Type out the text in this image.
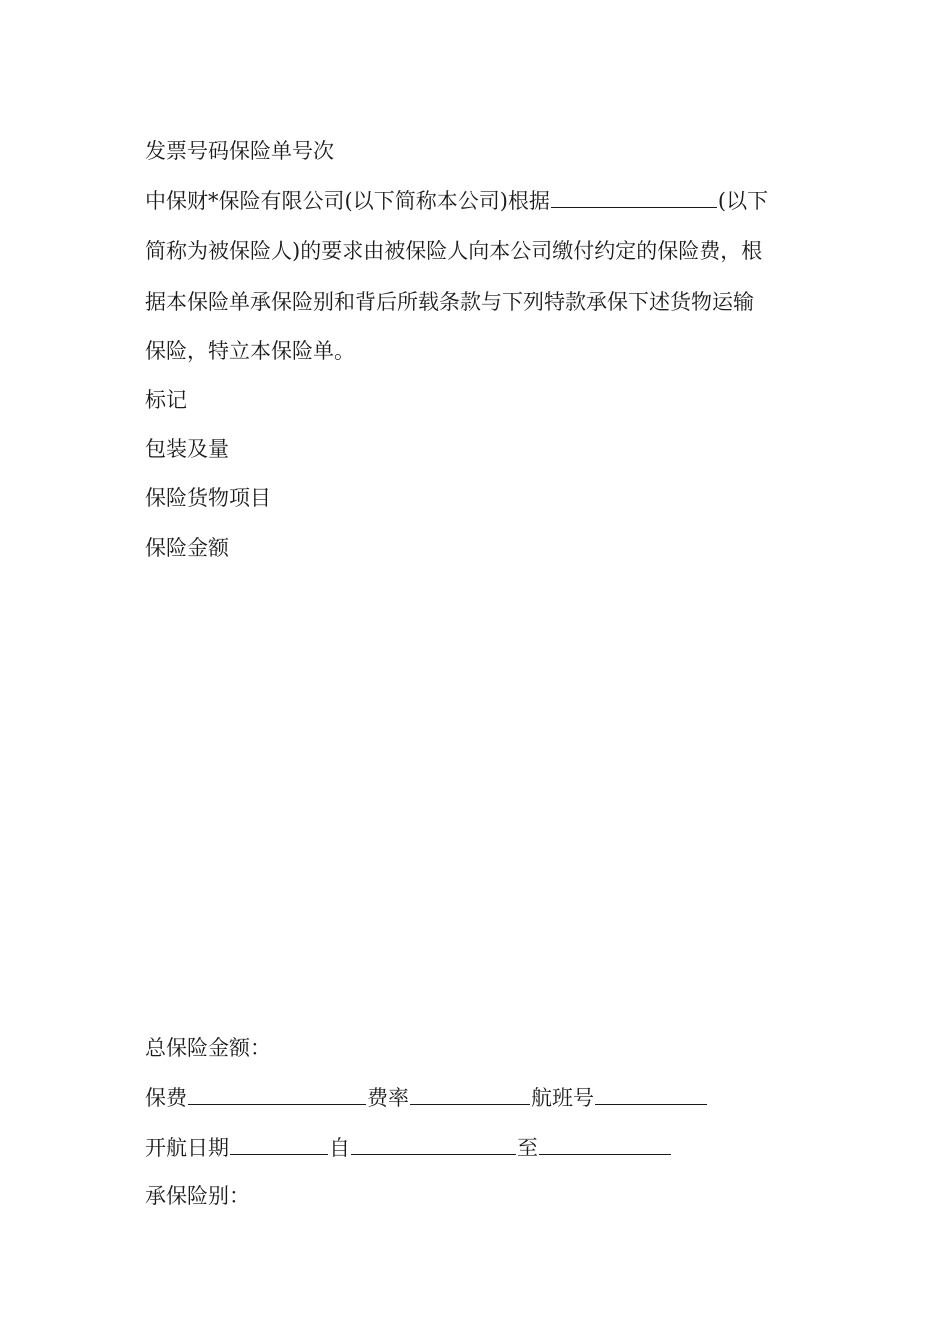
发票号码保险单号次
中保财*保险有限公司(以下简称本公司)根据	(以下
简称为被保险人)的要求由被保险人向本公司缴付约定的保险费，根
据本保险单承保险别和背后所载条款与下列特款承保下述货物运输
保险，特立本保险单。
标记
包装及量
保险货物项目
保险金额
总保险金额：
保费	费率	航班号
开航日期	自	至
承保险别：
